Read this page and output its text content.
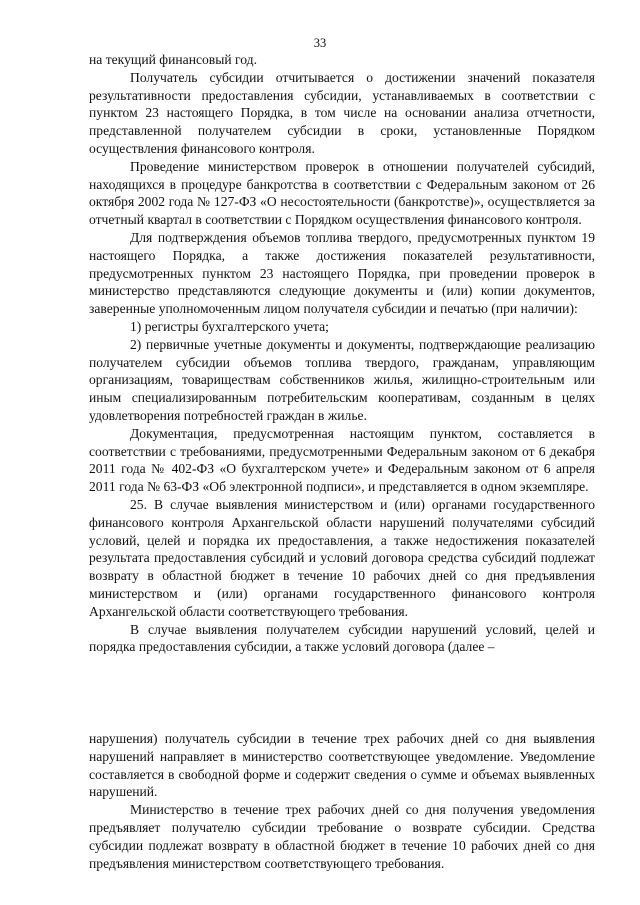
33

на текущий финансовый год.

Получатель субсидии отчитывается о достижении значений показателя результативности предоставления субсидии, устанавливаемых в соответствии с пунктом 23 настоящего Порядка, в том числе на основании анализа отчетности, представленной получателем субсидии в сроки, установленные Порядком осуществления финансового контроля.

Проведение министерством проверок в отношении получателей субсидий, находящихся в процедуре банкротства в соответствии с Федеральным законом от 26 октября 2002 года № 127-ФЗ «О несостоятельности (банкротстве)», осуществляется за отчетный квартал в соответствии с Порядком осуществления финансового контроля.

Для подтверждения объемов топлива твердого, предусмотренных пунктом 19 настоящего Порядка, а также достижения показателей результативности, предусмотренных пунктом 23 настоящего Порядка, при проведении проверок в министерство представляются следующие документы и (или) копии документов, заверенные уполномоченным лицом получателя субсидии и печатью (при наличии):

1) регистры бухгалтерского учета;

2) первичные учетные документы и документы, подтверждающие реализацию получателем субсидии объемов топлива твердого, гражданам, управляющим организациям, товариществам собственников жилья, жилищно-строительным или иным специализированным потребительским кооперативам, созданным в целях удовлетворения потребностей граждан в жилье.

Документация, предусмотренная настоящим пунктом, составляется в соответствии с требованиями, предусмотренными Федеральным законом от 6 декабря 2011 года № 402-ФЗ «О бухгалтерском учете» и Федеральным законом от 6 апреля 2011 года № 63-ФЗ «Об электронной подписи», и представляется в одном экземпляре.

25. В случае выявления министерством и (или) органами государственного финансового контроля Архангельской области нарушений получателями субсидий условий, целей и порядка их предоставления, а также недостижения показателей результата предоставления субсидий и условий договора средства субсидий подлежат возврату в областной бюджет в течение 10 рабочих дней со дня предъявления министерством и (или) органами государственного финансового контроля Архангельской области соответствующего требования.

В случае выявления получателем субсидии нарушений условий, целей и порядка предоставления субсидии, а также условий договора (далее –

нарушения) получатель субсидии в течение трех рабочих дней со дня выявления нарушений направляет в министерство соответствующее уведомление. Уведомление составляется в свободной форме и содержит сведения о сумме и объемах выявленных нарушений.

Министерство в течение трех рабочих дней со дня получения уведомления предъявляет получателю субсидии требование о возврате субсидии. Средства субсидии подлежат возврату в областной бюджет в течение 10 рабочих дней со дня предъявления министерством соответствующего требования.
